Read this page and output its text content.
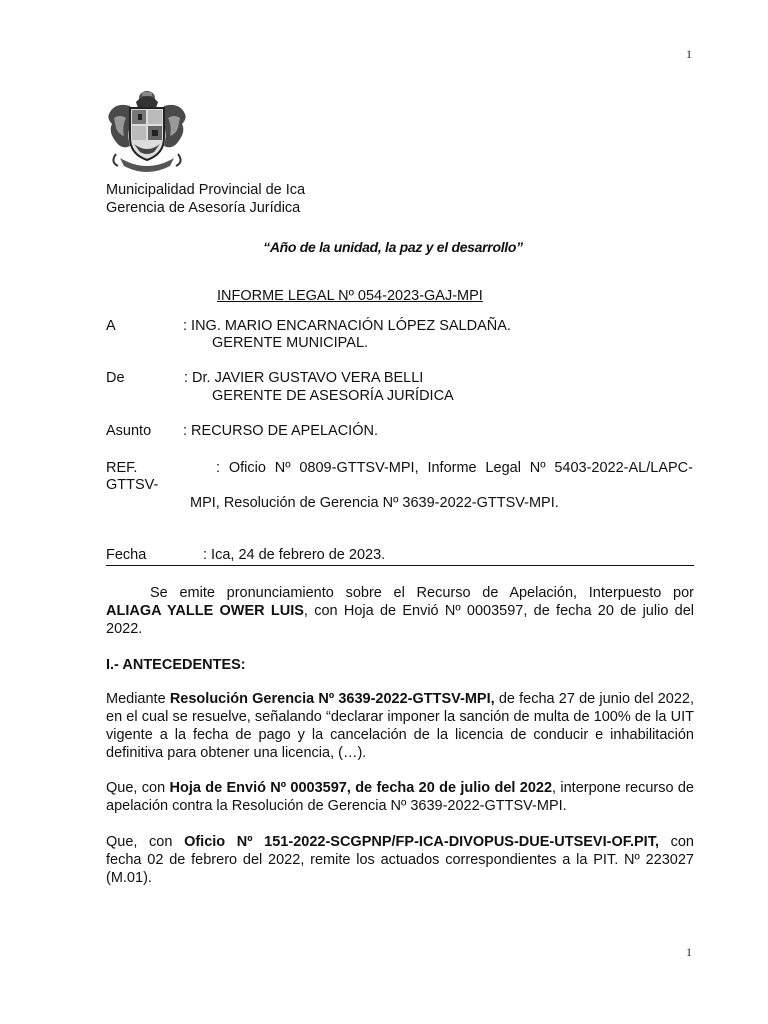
1
Municipalidad Provincial de Ica
Gerencia de Asesoría Jurídica
“Año de la unidad, la paz y el desarrollo”
INFORME LEGAL Nº 054-2023-GAJ-MPI
A	: ING. MARIO ENCARNACIÓN LÓPEZ SALDAÑA.
GERENTE MUNICIPAL.
De	: Dr. JAVIER GUSTAVO VERA BELLI
GERENTE DE ASESORÍA JURÍDICA
Asunto : RECURSO DE APELACIÓN.
REF.	: Oficio Nº 0809-GTTSV-MPI, Informe Legal Nº 5403-2022-AL/LAPC-
GTTSV-
MPI, Resolución de Gerencia Nº 3639-2022-GTTSV-MPI.
Fecha	: Ica, 24 de febrero de 2023.
Se emite pronunciamiento sobre el Recurso de Apelación, Interpuesto por
ALIAGA YALLE OWER LUIS, con Hoja de Envió Nº 0003597, de fecha 20 de julio del
2022.
I.- ANTECEDENTES:
Mediante Resolución Gerencia Nº 3639-2022-GTTSV-MPI, de fecha 27 de junio del 2022, en el cual se resuelve, señalando “declarar imponer la sanción de multa de 100% de la UIT vigente a la fecha de pago y la cancelación de la licencia de conducir e inhabilitación definitiva para obtener una licencia, (…).
Que, con Hoja de Envió Nº 0003597, de fecha 20 de julio del 2022, interpone recurso de apelación contra la Resolución de Gerencia Nº 3639-2022-GTTSV-MPI.
Que, con Oficio Nº 151-2022-SCGPNP/FP-ICA-DIVOPUS-DUE-UTSEVI-OF.PIT, con fecha 02 de febrero del 2022, remite los actuados correspondientes a la PIT. Nº 223027 (M.01).
1
